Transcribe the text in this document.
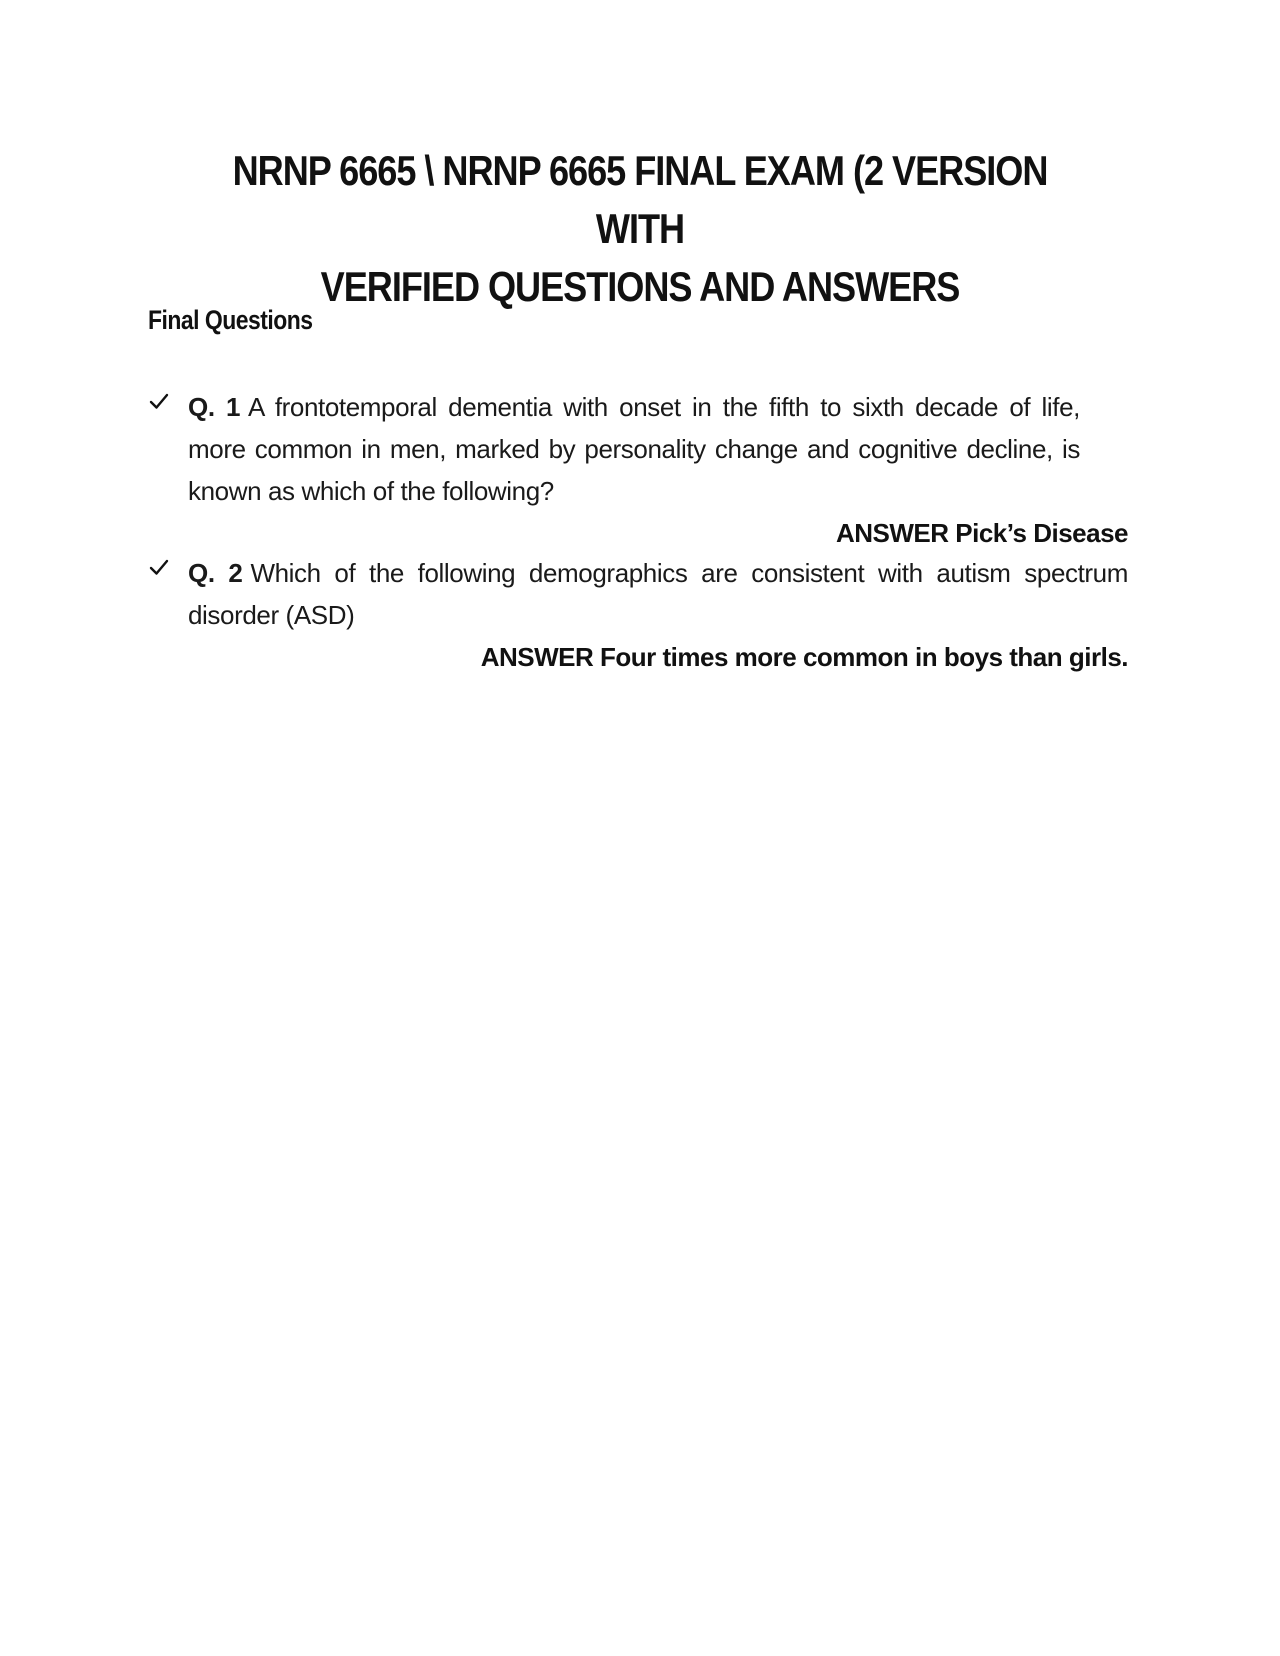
NRNP 6665 \ NRNP 6665 FINAL EXAM (2 VERSION WITH
VERIFIED QUESTIONS AND ANSWERS
Final Questions
Q. 1 A frontotemporal dementia with onset in the fifth to sixth decade of life, more common in men, marked by personality change and cognitive decline, is known as which of the following?
ANSWER Pick’s Disease
Q. 2 Which of the following demographics are consistent with autism spectrum disorder (ASD)
ANSWER Four times more common in boys than girls.
